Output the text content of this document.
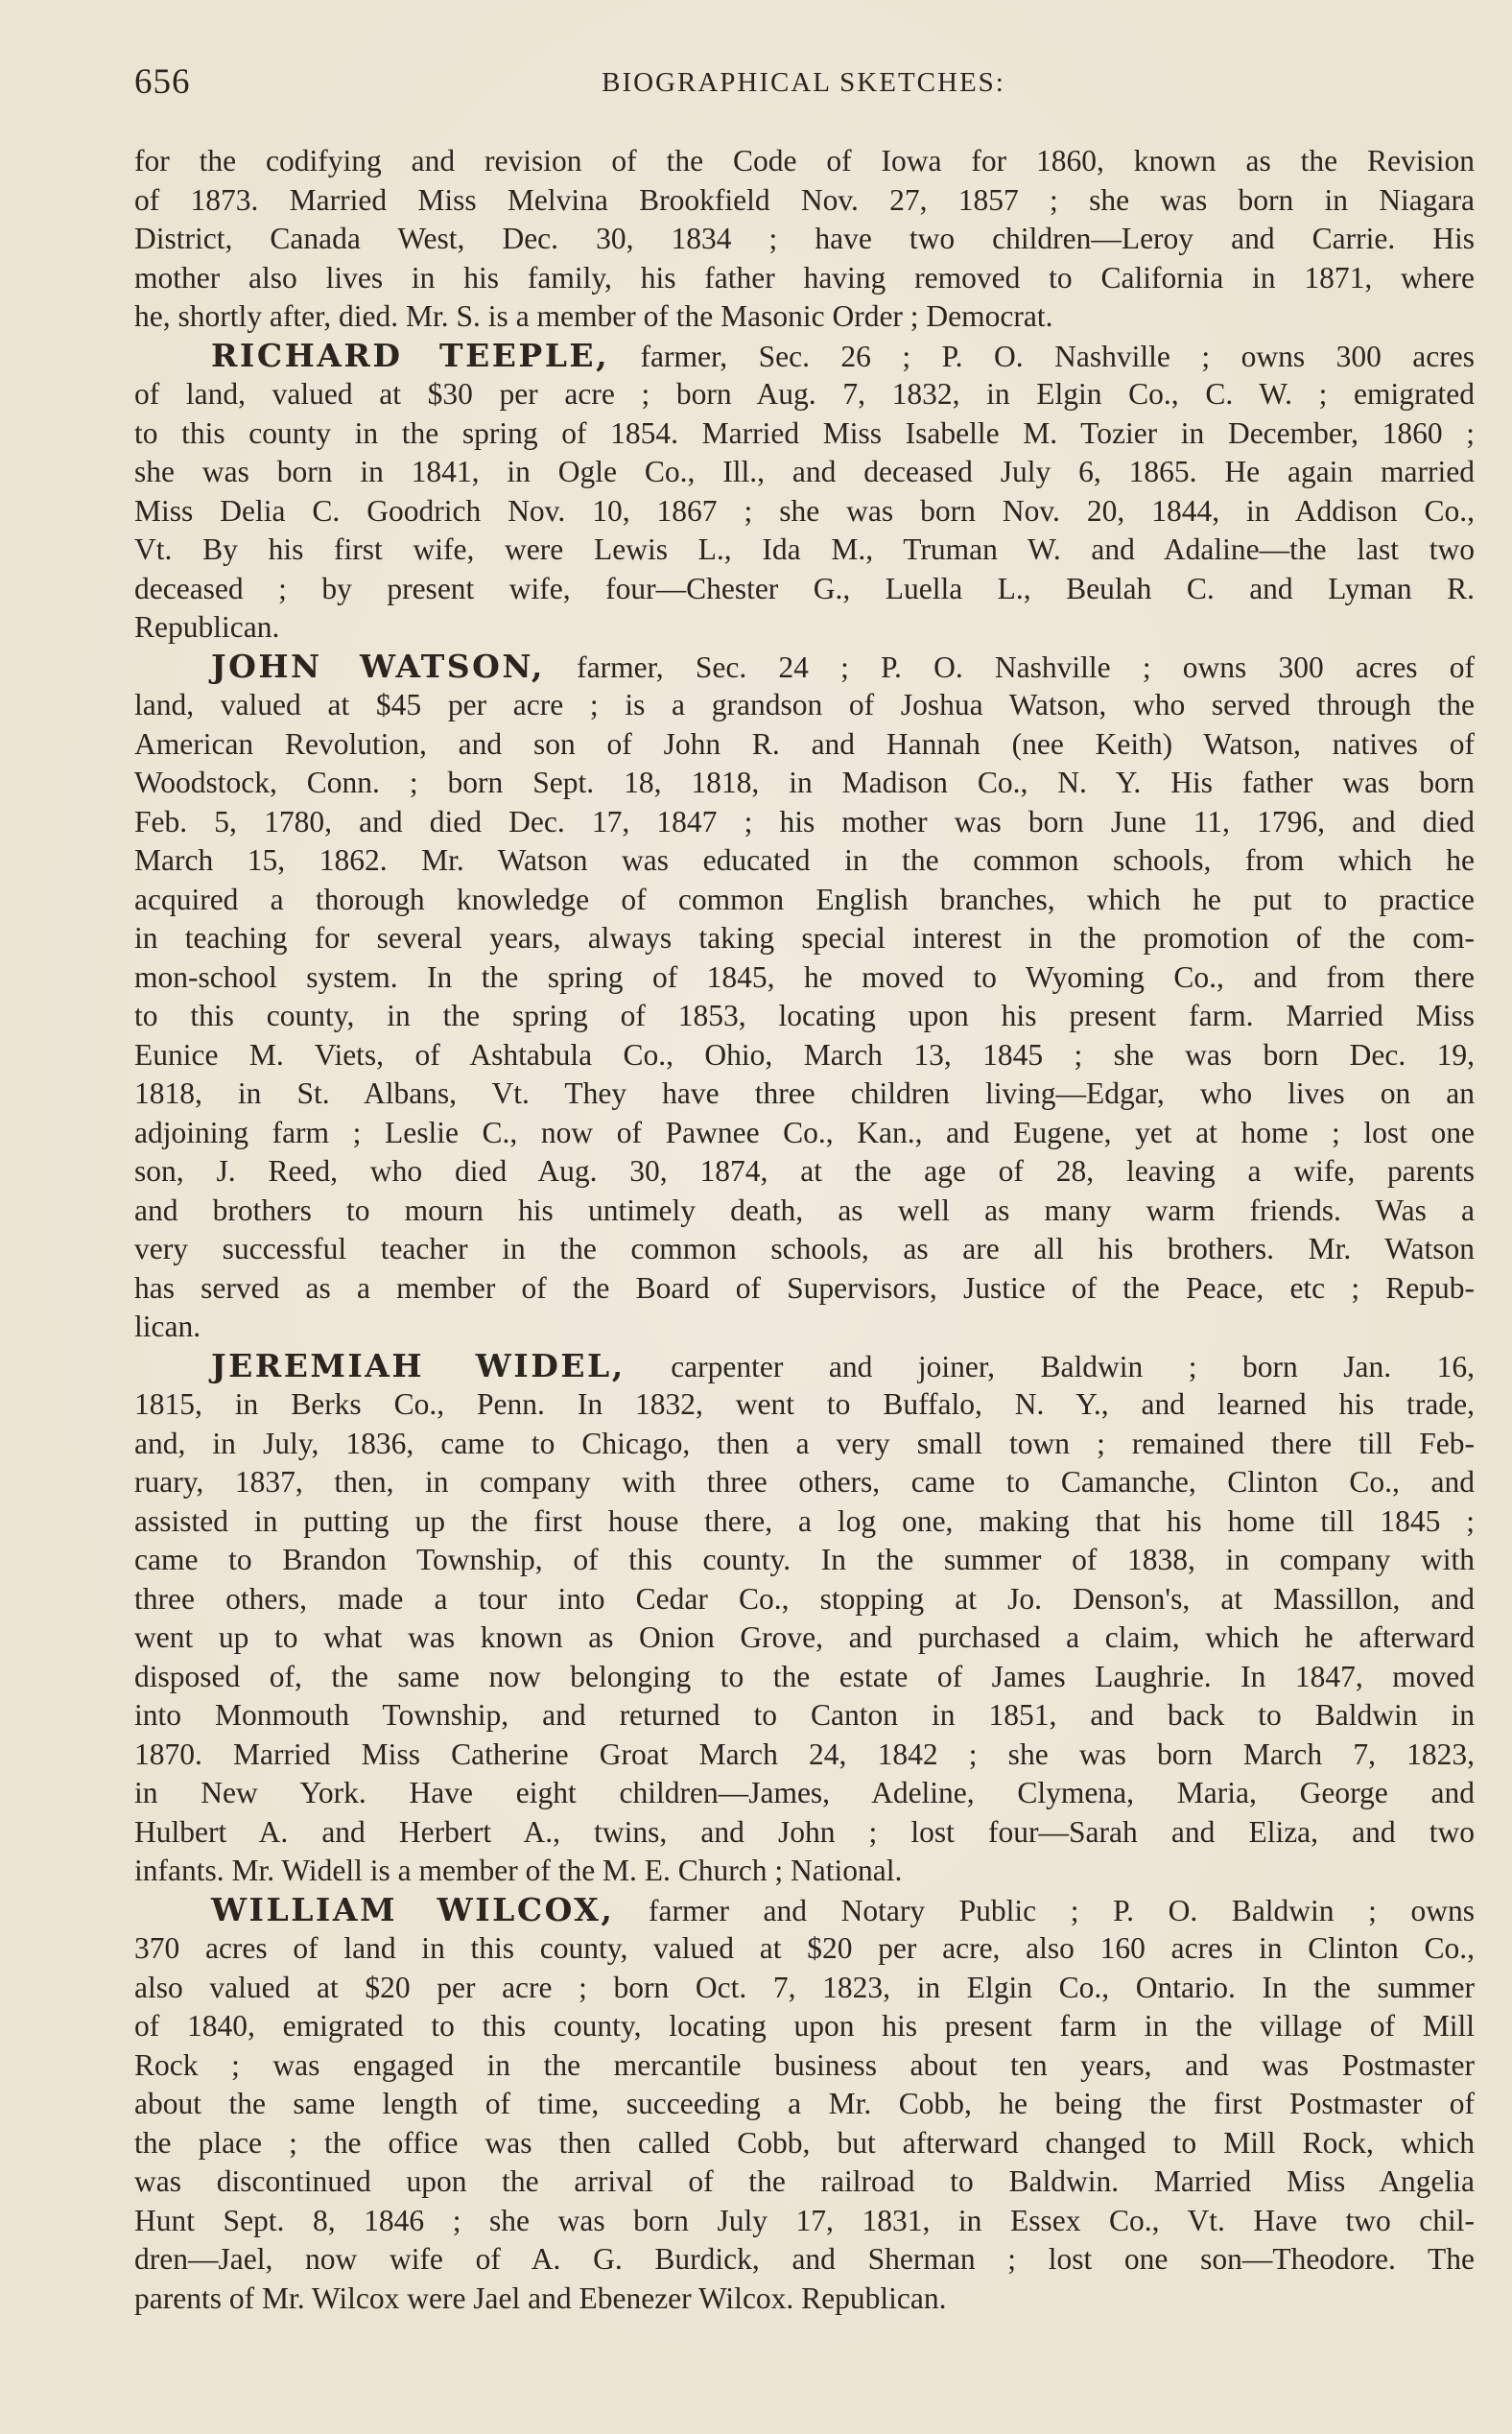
656	BIOGRAPHICAL SKETCHES:
for the codifying and revision of the Code of Iowa for 1860, known as the Revision
of 1873. Married Miss Melvina Brookfield Nov. 27, 1857 ; she was born in Niagara
District, Canada West, Dec. 30, 1834 ; have two children—Leroy and Carrie. His
mother also lives in his family, his father having removed to California in 1871, where
he, shortly after, died. Mr. S. is a member of the Masonic Order ; Democrat.
RICHARD TEEPLE, farmer, Sec. 26 ; P. O. Nashville ; owns 300 acres
of land, valued at $30 per acre ; born Aug. 7, 1832, in Elgin Co., C. W. ; emigrated
to this county in the spring of 1854. Married Miss Isabelle M. Tozier in December, 1860 ;
she was born in 1841, in Ogle Co., Ill., and deceased July 6, 1865. He again married
Miss Delia C. Goodrich Nov. 10, 1867 ; she was born Nov. 20, 1844, in Addison Co.,
Vt. By his first wife, were Lewis L., Ida M., Truman W. and Adaline—the last two
deceased ; by present wife, four—Chester G., Luella L., Beulah C. and Lyman R.
Republican.
JOHN WATSON, farmer, Sec. 24 ; P. O. Nashville ; owns 300 acres of
land, valued at $45 per acre ; is a grandson of Joshua Watson, who served through the
American Revolution, and son of John R. and Hannah (nee Keith) Watson, natives of
Woodstock, Conn. ; born Sept. 18, 1818, in Madison Co., N. Y. His father was born
Feb. 5, 1780, and died Dec. 17, 1847 ; his mother was born June 11, 1796, and died
March 15, 1862. Mr. Watson was educated in the common schools, from which he
acquired a thorough knowledge of common English branches, which he put to practice
in teaching for several years, always taking special interest in the promotion of the com-
mon-school system. In the spring of 1845, he moved to Wyoming Co., and from there
to this county, in the spring of 1853, locating upon his present farm. Married Miss
Eunice M. Viets, of Ashtabula Co., Ohio, March 13, 1845 ; she was born Dec. 19,
1818, in St. Albans, Vt. They have three children living—Edgar, who lives on an
adjoining farm ; Leslie C., now of Pawnee Co., Kan., and Eugene, yet at home ; lost one
son, J. Reed, who died Aug. 30, 1874, at the age of 28, leaving a wife, parents
and brothers to mourn his untimely death, as well as many warm friends. Was a
very successful teacher in the common schools, as are all his brothers. Mr. Watson
has served as a member of the Board of Supervisors, Justice of the Peace, etc ; Repub-
lican.
JEREMIAH WIDEL, carpenter and joiner, Baldwin ; born Jan. 16,
1815, in Berks Co., Penn. In 1832, went to Buffalo, N. Y., and learned his trade,
and, in July, 1836, came to Chicago, then a very small town ; remained there till Feb-
ruary, 1837, then, in company with three others, came to Camanche, Clinton Co., and
assisted in putting up the first house there, a log one, making that his home till 1845 ;
came to Brandon Township, of this county. In the summer of 1838, in company with
three others, made a tour into Cedar Co., stopping at Jo. Denson's, at Massillon, and
went up to what was known as Onion Grove, and purchased a claim, which he afterward
disposed of, the same now belonging to the estate of James Laughrie. In 1847, moved
into Monmouth Township, and returned to Canton in 1851, and back to Baldwin in
1870. Married Miss Catherine Groat March 24, 1842 ; she was born March 7, 1823,
in New York. Have eight children—James, Adeline, Clymena, Maria, George and
Hulbert A. and Herbert A., twins, and John ; lost four—Sarah and Eliza, and two
infants. Mr. Widell is a member of the M. E. Church ; National.
WILLIAM WILCOX, farmer and Notary Public ; P. O. Baldwin ; owns
370 acres of land in this county, valued at $20 per acre, also 160 acres in Clinton Co.,
also valued at $20 per acre ; born Oct. 7, 1823, in Elgin Co., Ontario. In the summer
of 1840, emigrated to this county, locating upon his present farm in the village of Mill
Rock ; was engaged in the mercantile business about ten years, and was Postmaster
about the same length of time, succeeding a Mr. Cobb, he being the first Postmaster of
the place ; the office was then called Cobb, but afterward changed to Mill Rock, which
was discontinued upon the arrival of the railroad to Baldwin. Married Miss Angelia
Hunt Sept. 8, 1846 ; she was born July 17, 1831, in Essex Co., Vt. Have two chil-
dren—Jael, now wife of A. G. Burdick, and Sherman ; lost one son—Theodore. The
parents of Mr. Wilcox were Jael and Ebenezer Wilcox. Republican.
